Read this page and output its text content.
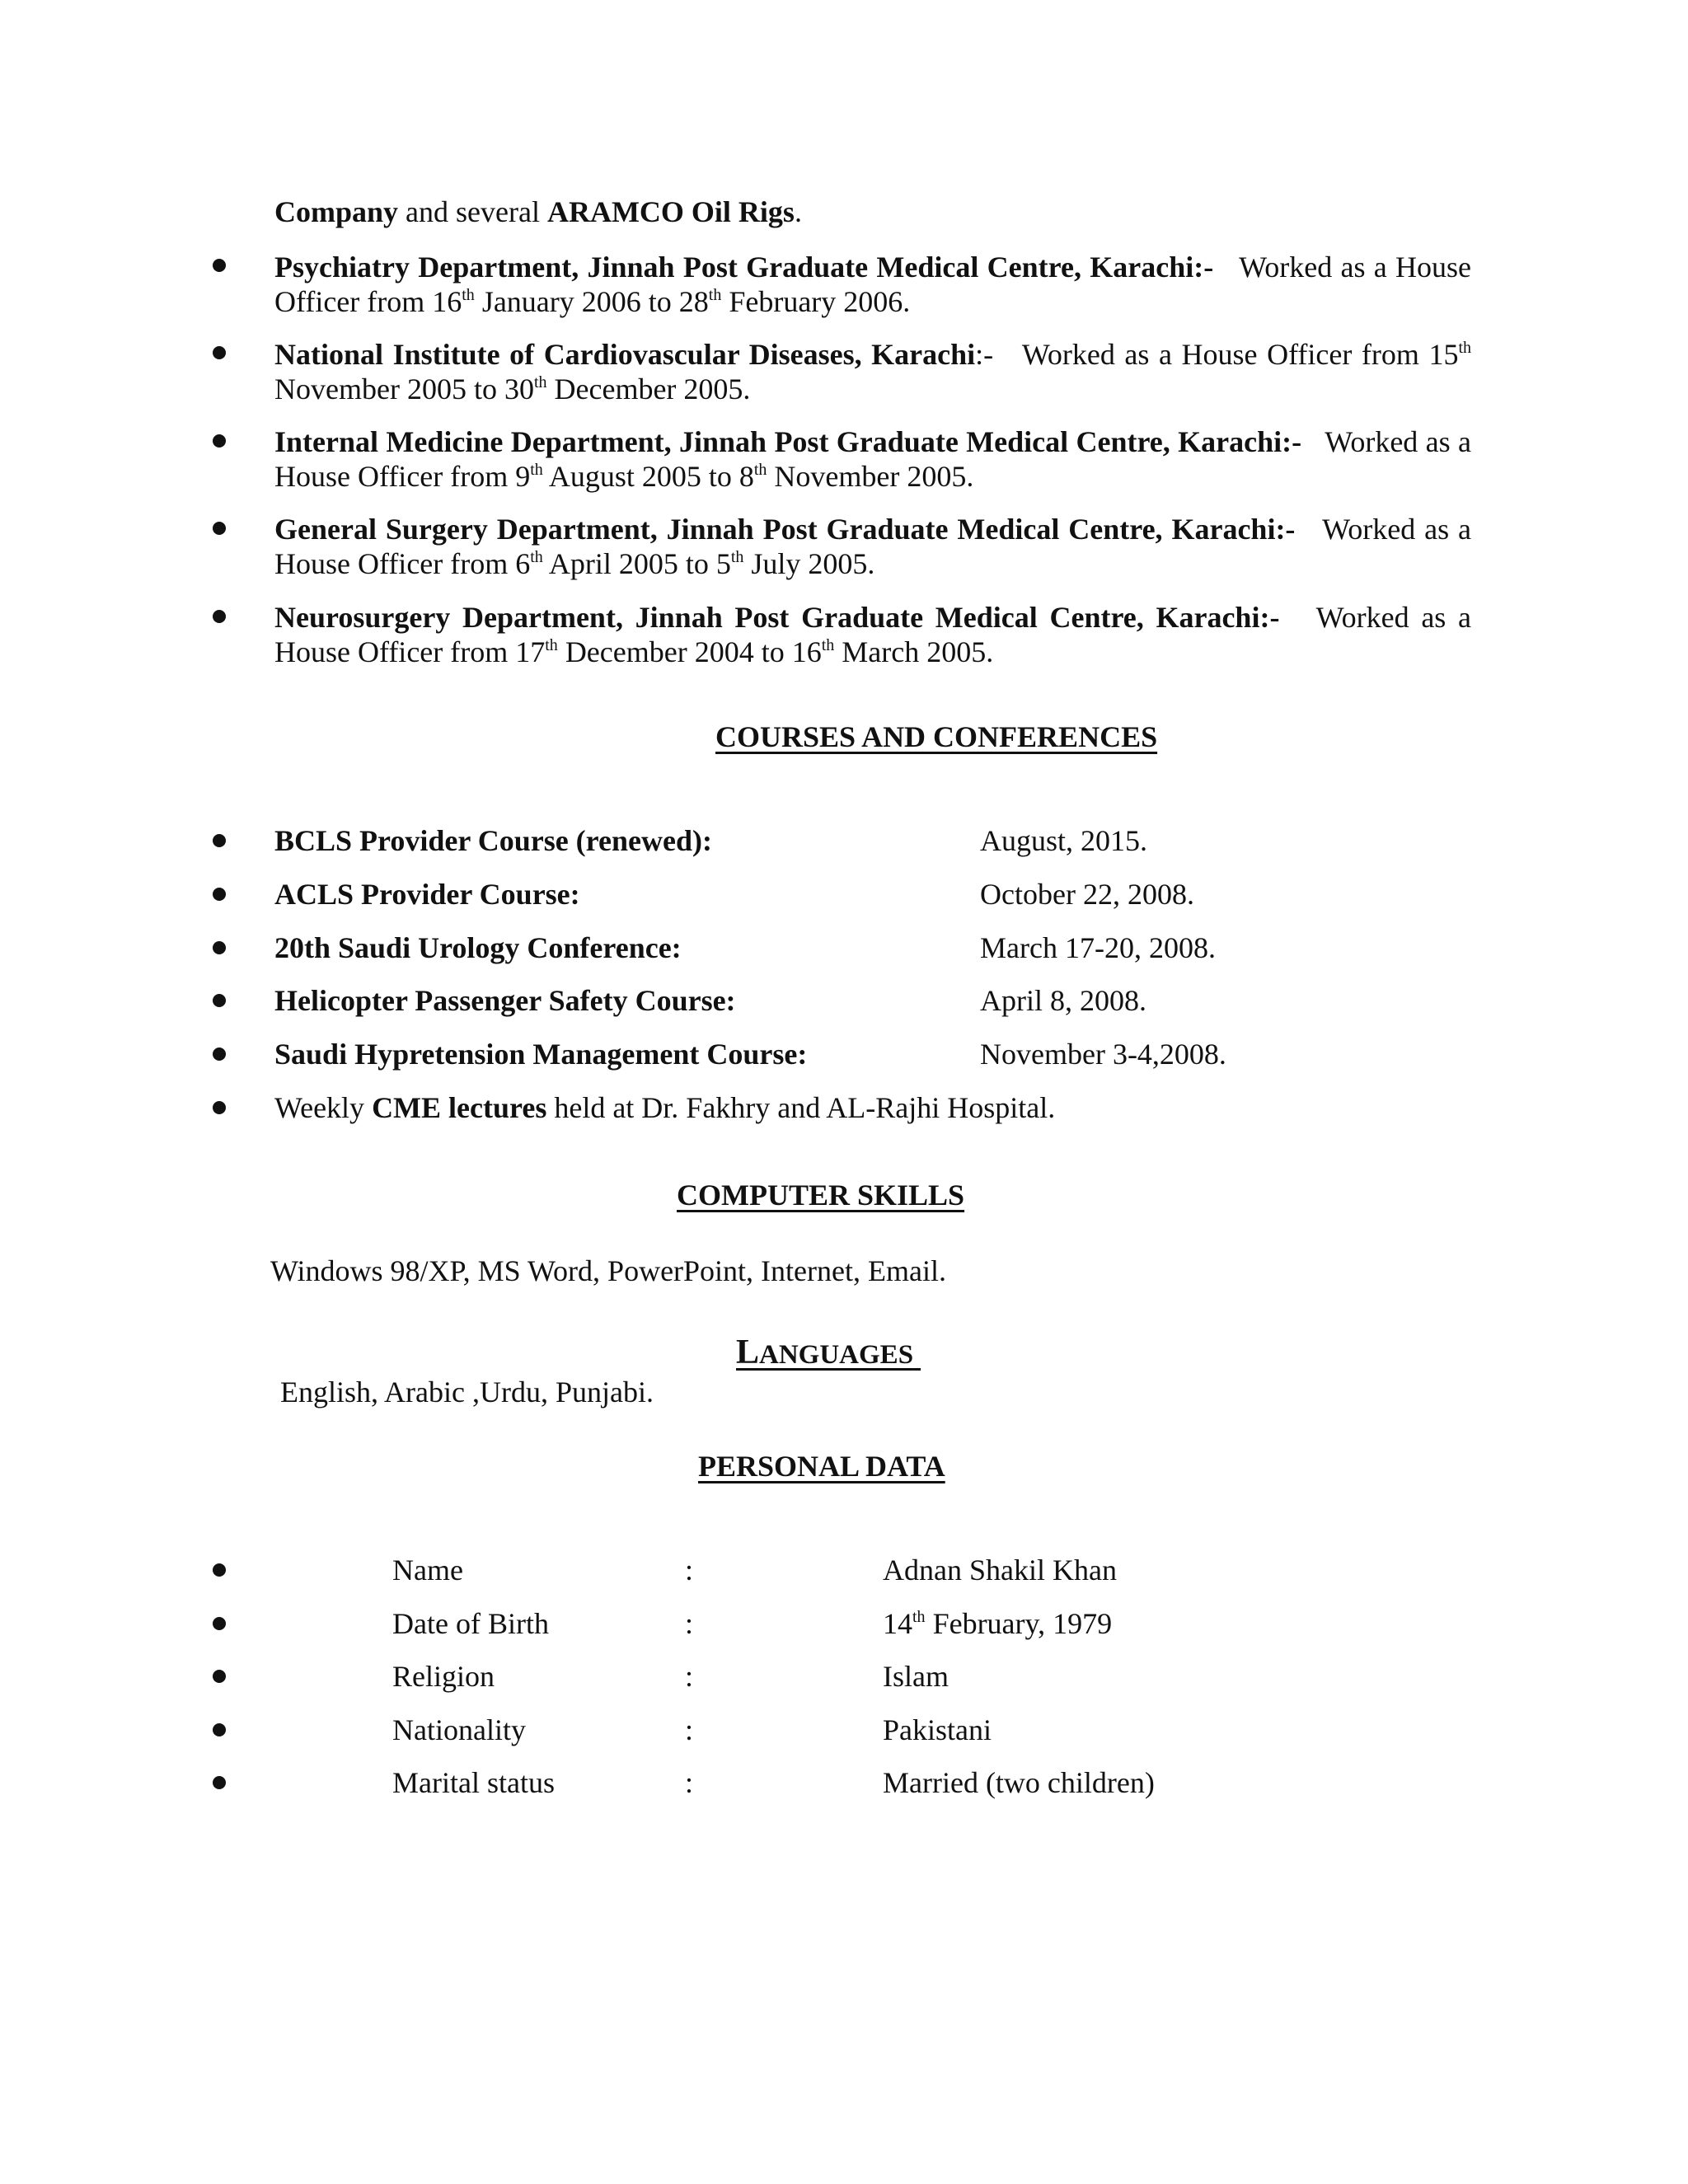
Company and several ARAMCO Oil Rigs.
Psychiatry Department, Jinnah Post Graduate Medical Centre, Karachi:- Worked as a House Officer from 16th January 2006 to 28th February 2006.
National Institute of Cardiovascular Diseases, Karachi:- Worked as a House Officer from 15th November 2005 to 30th December 2005.
Internal Medicine Department, Jinnah Post Graduate Medical Centre, Karachi:- Worked as a House Officer from 9th August 2005 to 8th November 2005.
General Surgery Department, Jinnah Post Graduate Medical Centre, Karachi:- Worked as a House Officer from 6th April 2005 to 5th July 2005.
Neurosurgery Department, Jinnah Post Graduate Medical Centre, Karachi:- Worked as a House Officer from 17th December 2004 to 16th March 2005.
COURSES AND CONFERENCES
BCLS Provider Course (renewed):	August, 2015.
ACLS Provider Course:	October 22, 2008.
20th Saudi Urology Conference:	March 17-20, 2008.
Helicopter Passenger Safety Course:	April 8, 2008.
Saudi Hypretension Management Course:	November 3-4,2008.
Weekly CME lectures held at Dr. Fakhry and AL-Rajhi Hospital.
COMPUTER SKILLS
Windows 98/XP, MS Word, PowerPoint, Internet, Email.
LANGUAGES
English, Arabic ,Urdu, Punjabi.
PERSONAL DATA
Name	:	Adnan Shakil Khan
Date of Birth	:	14th February, 1979
Religion	:	Islam
Nationality	:	Pakistani
Marital status	:	Married (two children)
